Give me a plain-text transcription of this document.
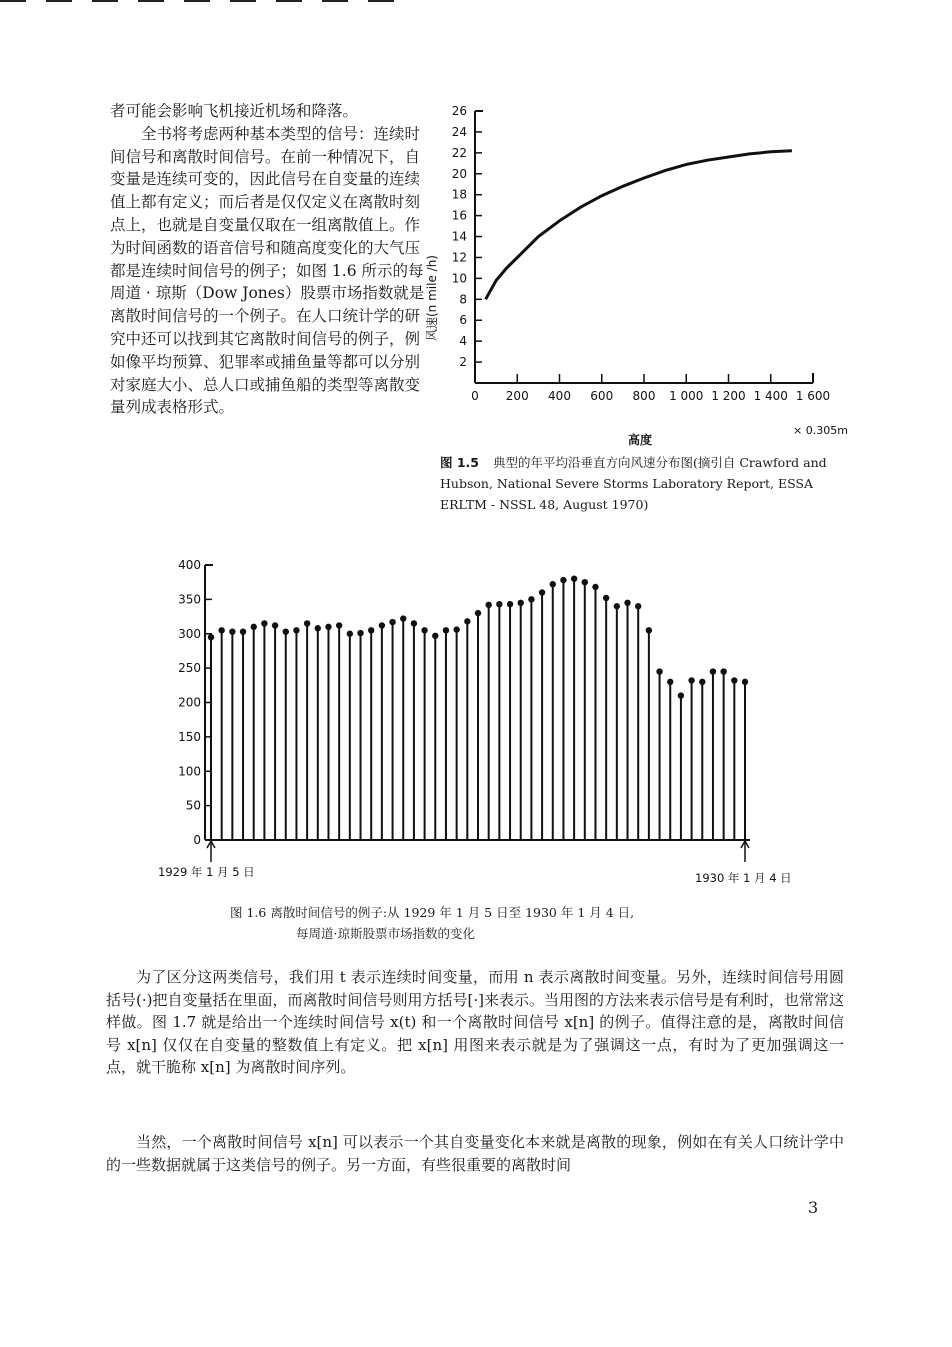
者可能会影响飞机接近机场和降落。

全书将考虑两种基本类型的信号：连续时间信号和离散时间信号。在前一种情况下，自变量是连续可变的，因此信号在自变量的连续值上都有定义；而后者是仅仅定义在离散时刻点上，也就是自变量仅取在一组离散值上。作为时间函数的语音信号和随高度变化的大气压都是连续时间信号的例子；如图 1.6 所示的每周道 · 琼斯（Dow Jones）股票市场指数就是离散时间信号的一个例子。在人口统计学的研究中还可以找到其它离散时间信号的例子，例如像平均预算、犯罪率或捕鱼量等都可以分别对家庭大小、总人口或捕鱼船的类型等离散变量列成表格形式。

2
4
6
8
10
12
14
16
18
20
22
24
26
0 200 400 600 800 1 000 1 200 1 400 1 600
风速(n mile /h)
高度
× 0.305m
图 1.5 典型的年平均沿垂直方向风速分布图(摘引自 Crawford and Hubson, National Severe Storms Laboratory Report, ESSA ERLTM - NSSL 48, August 1970)
0
50
100
150
200
250
300
350
400
1929 年 1 月 5 日	1930 年 1 月 4 日
图 1.6 离散时间信号的例子:从 1929 年 1 月 5 日至 1930 年 1 月 4 日,
每周道·琼斯股票市场指数的变化

为了区分这两类信号，我们用 t 表示连续时间变量，而用 n 表示离散时间变量。另外，连续时间信号用圆括号(·)把自变量括在里面，而离散时间信号则用方括号[·]来表示。当用图的方法来表示信号是有利时，也常常这样做。图 1.7 就是给出一个连续时间信号 x(t) 和一个离散时间信号 x[n] 的例子。值得注意的是，离散时间信号 x[n] 仅仅在自变量的整数值上有定义。把 x[n] 用图来表示就是为了强调这一点，有时为了更加强调这一点，就干脆称 x[n] 为离散时间序列。

当然，一个离散时间信号 x[n] 可以表示一个其自变量变化本来就是离散的现象，例如在有关人口统计学中的一些数据就属于这类信号的例子。另一方面，有些很重要的离散时间

3
